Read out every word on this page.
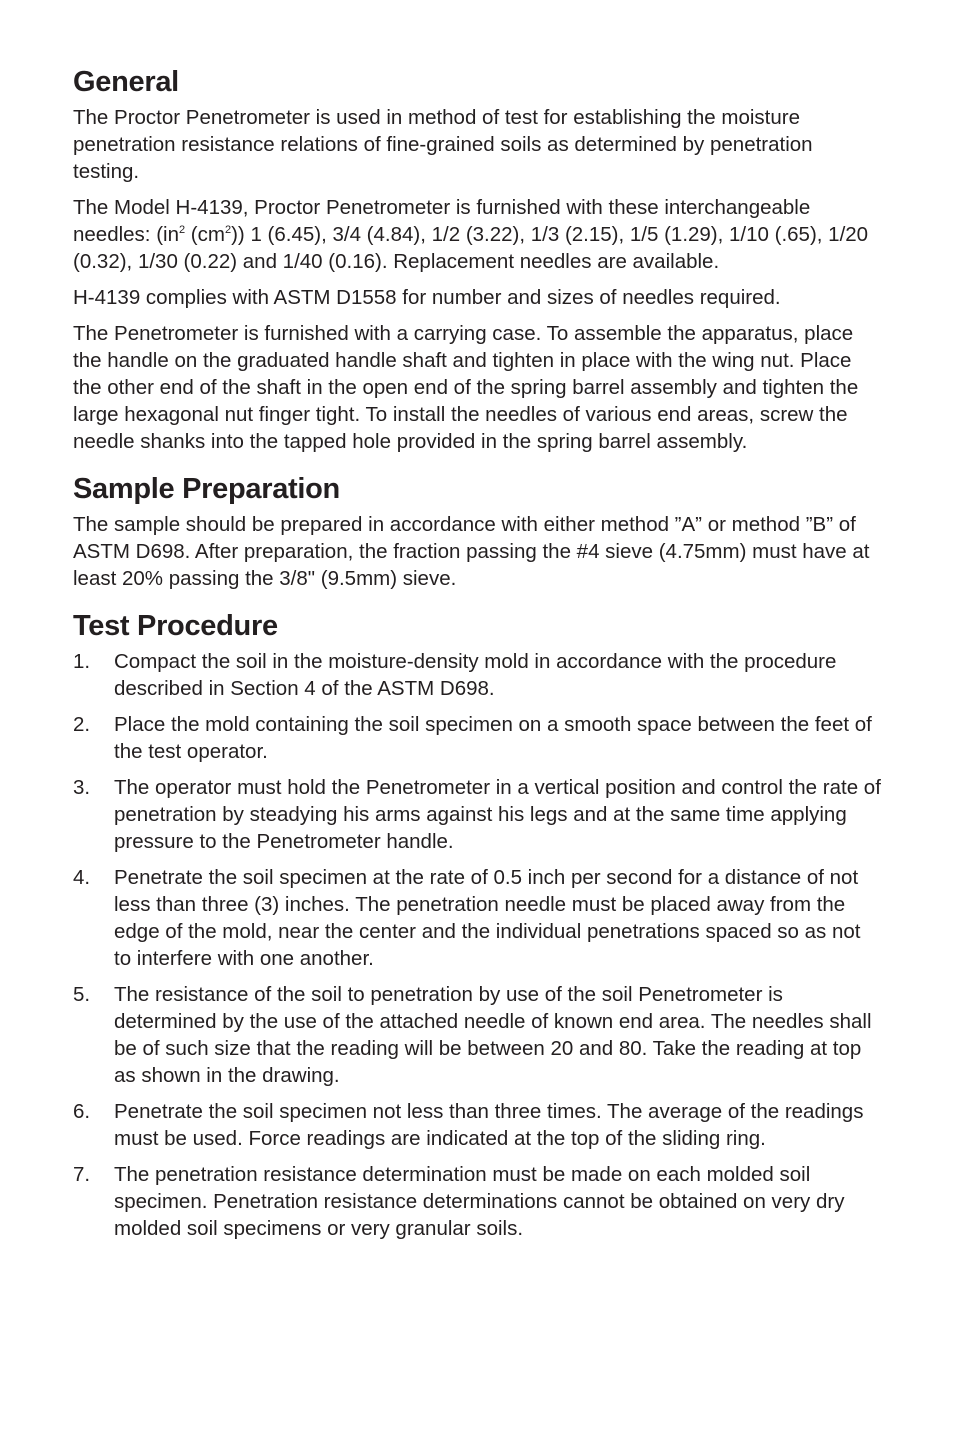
General

The Proctor Penetrometer is used in method of test for establishing the moisture penetration resistance relations of fine-grained soils as determined by penetration testing.

The Model H-4139, Proctor Penetrometer is furnished with these interchangeable needles: ($in^2$ $(cm^2)$) 1 (6.45), 3/4 (4.84), 1/2 (3.22), 1/3 (2.15), 1/5 (1.29), 1/10 (.65), 1/20 (0.32), 1/30 (0.22) and 1/40 (0.16). Replacement needles are available.

H-4139 complies with ASTM D1558 for number and sizes of needles required.

The Penetrometer is furnished with a carrying case. To assemble the apparatus, place the handle on the graduated handle shaft and tighten in place with the wing nut. Place the other end of the shaft in the open end of the spring barrel assembly and tighten the large hexagonal nut finger tight. To install the needles of various end areas, screw the needle shanks into the tapped hole provided in the spring barrel assembly.

Sample Preparation

The sample should be prepared in accordance with either method ”A” or method ”B” of ASTM D698. After preparation, the fraction passing the #4 sieve (4.75mm) must have at least 20% passing the 3/8" (9.5mm) sieve.

Test Procedure
1. Compact the soil in the moisture-density mold in accordance with the procedure described in Section 4 of the ASTM D698.
2. Place the mold containing the soil specimen on a smooth space between the feet of the test operator.
3. The operator must hold the Penetrometer in a vertical position and control the rate of penetration by steadying his arms against his legs and at the same time applying pressure to the Penetrometer handle.
4. Penetrate the soil specimen at the rate of 0.5 inch per second for a distance of not less than three (3) inches. The penetration needle must be placed away from the edge of the mold, near the center and the individual penetrations spaced so as not to interfere with one another.
5. The resistance of the soil to penetration by use of the soil Penetrometer is determined by the use of the attached needle of known end area. The needles shall be of such size that the reading will be between 20 and 80. Take the reading at top as shown in the drawing.
6. Penetrate the soil specimen not less than three times. The average of the readings must be used. Force readings are indicated at the top of the sliding ring.
7. The penetration resistance determination must be made on each molded soil specimen. Penetration resistance determinations cannot be obtained on very dry molded soil specimens or very granular soils.
